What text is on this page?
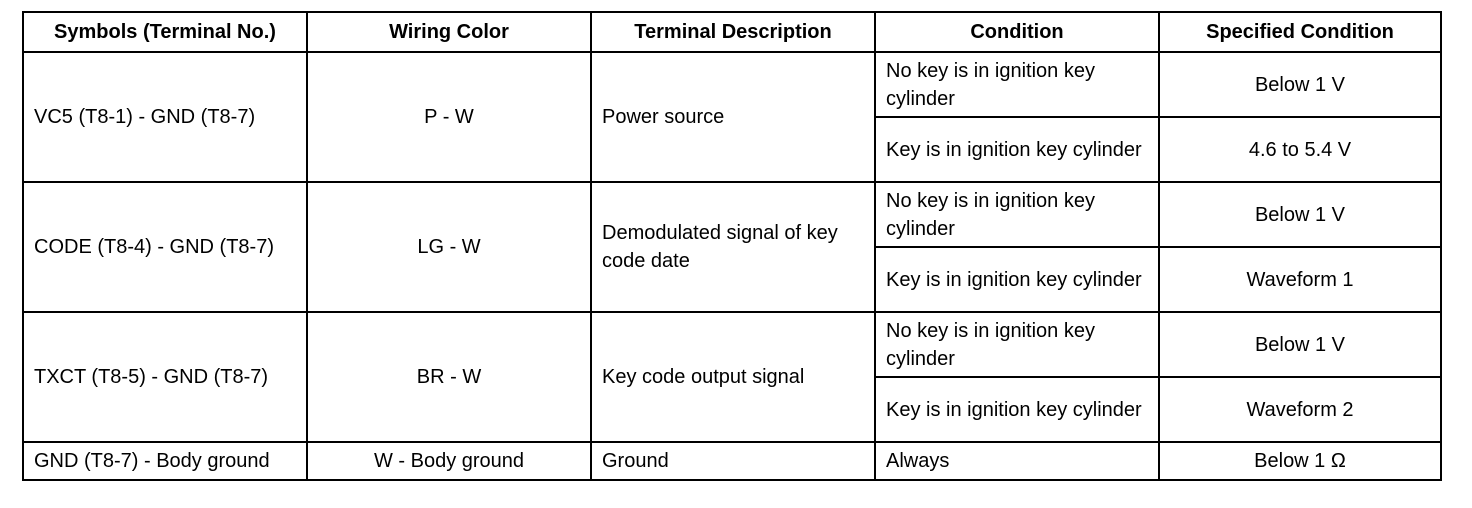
Symbols (Terminal No.)	Wiring Color	Terminal Description	Condition	Specified Condition
VC5 (T8-1) - GND (T8-7)	P - W	Power source	No key is in ignition key cylinder	Below 1 V
			Key is in ignition key cylinder	4.6 to 5.4 V
CODE (T8-4) - GND (T8-7)	LG - W	Demodulated signal of key code date	No key is in ignition key cylinder	Below 1 V
			Key is in ignition key cylinder	Waveform 1
TXCT (T8-5) - GND (T8-7)	BR - W	Key code output signal	No key is in ignition key cylinder	Below 1 V
			Key is in ignition key cylinder	Waveform 2
GND (T8-7) - Body ground	W - Body ground	Ground	Always	Below 1 Ω
